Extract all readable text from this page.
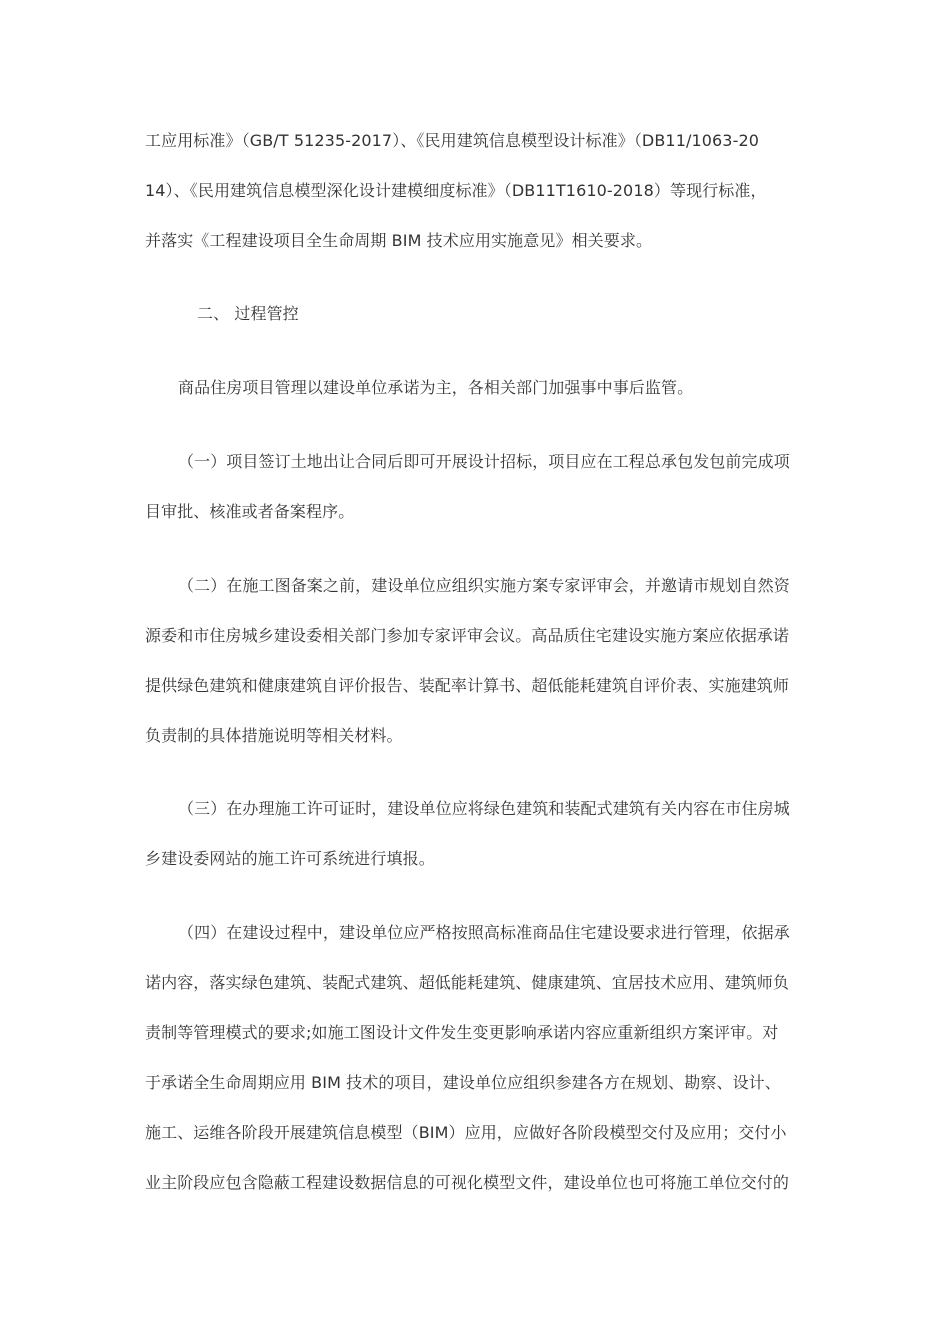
工应用标准》（GB/T 51235-2017）、《民用建筑信息模型设计标准》（DB11/1063-20
14）、《民用建筑信息模型深化设计建模细度标准》（DB11T1610-2018）等现行标准，
并落实《工程建设项目全生命周期 BIM 技术应用实施意见》相关要求。
二、 过程管控
商品住房项目管理以建设单位承诺为主，各相关部门加强事中事后监管。
（一）项目签订土地出让合同后即可开展设计招标，项目应在工程总承包发包前完成项
目审批、核准或者备案程序。
（二）在施工图备案之前，建设单位应组织实施方案专家评审会，并邀请市规划自然资
源委和市住房城乡建设委相关部门参加专家评审会议。高品质住宅建设实施方案应依据承诺
提供绿色建筑和健康建筑自评价报告、装配率计算书、超低能耗建筑自评价表、实施建筑师
负责制的具体措施说明等相关材料。
（三）在办理施工许可证时，建设单位应将绿色建筑和装配式建筑有关内容在市住房城
乡建设委网站的施工许可系统进行填报。
（四）在建设过程中，建设单位应严格按照高标准商品住宅建设要求进行管理，依据承
诺内容，落实绿色建筑、装配式建筑、超低能耗建筑、健康建筑、宜居技术应用、建筑师负
责制等管理模式的要求;如施工图设计文件发生变更影响承诺内容应重新组织方案评审。对
于承诺全生命周期应用 BIM 技术的项目，建设单位应组织参建各方在规划、勘察、设计、
施工、运维各阶段开展建筑信息模型（BIM）应用，应做好各阶段模型交付及应用；交付小
业主阶段应包含隐蔽工程建设数据信息的可视化模型文件，建设单位也可将施工单位交付的
